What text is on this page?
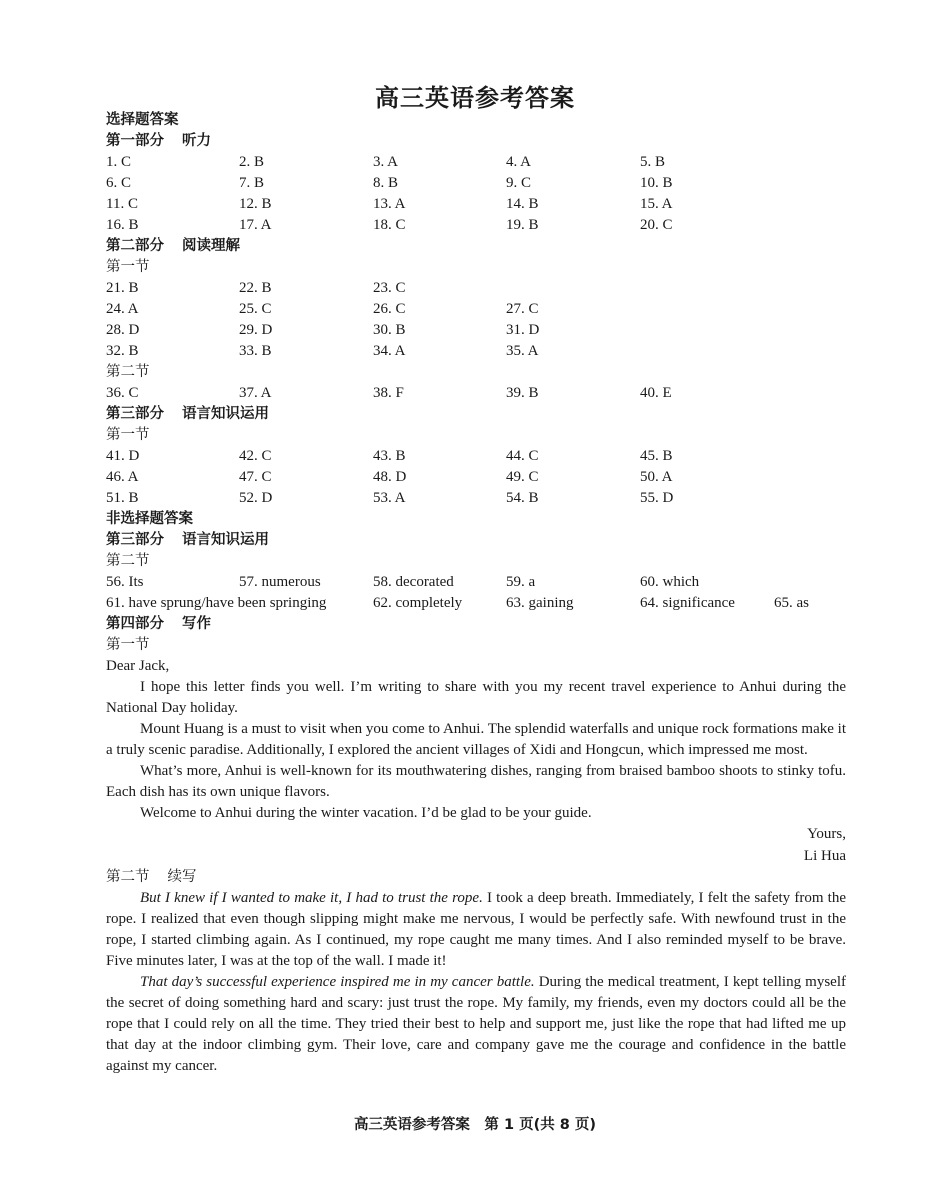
高三英语参考答案
选择题答案
第一部分 听力
1. C	2. B	3. A	4. A	5. B
6. C	7. B	8. B	9. C	10. B
11. C	12. B	13. A	14. B	15. A
16. B	17. A	18. C	19. B	20. C
第二部分 阅读理解
第一节
21. B	22. B	23. C
24. A	25. C	26. C	27. C
28. D	29. D	30. B	31. D
32. B	33. B	34. A	35. A
第二节
36. C	37. A	38. F	39. B	40. E
第三部分 语言知识运用
第一节
41. D	42. C	43. B	44. C	45. B
46. A	47. C	48. D	49. C	50. A
51. B	52. D	53. A	54. B	55. D
非选择题答案
第三部分 语言知识运用
第二节
56. Its	57. numerous	58. decorated	59. a	60. which
61. have sprung/have been springing	62. completely	63. gaining	64. significance	65. as
第四部分 写作
第一节
Dear Jack,

I hope this letter finds you well. I’m writing to share with you my recent travel experience to Anhui during the National Day holiday.

Mount Huang is a must to visit when you come to Anhui. The splendid waterfalls and unique rock formations make it a truly scenic paradise. Additionally, I explored the ancient villages of Xidi and Hongcun, which impressed me most.

What’s more, Anhui is well-known for its mouthwatering dishes, ranging from braised bamboo shoots to stinky tofu. Each dish has its own unique flavors.

Welcome to Anhui during the winter vacation. I’d be glad to be your guide.

Yours,
Li Hua
第二节 续写

But I knew if I wanted to make it, I had to trust the rope. I took a deep breath. Immediately, I felt the safety from the rope. I realized that even though slipping might make me nervous, I would be perfectly safe. With newfound trust in the rope, I started climbing again. As I continued, my rope caught me many times. And I also reminded myself to be brave. Five minutes later, I was at the top of the wall. I made it!

That day’s successful experience inspired me in my cancer battle. During the medical treatment, I kept telling myself the secret of doing something hard and scary: just trust the rope. My family, my friends, even my doctors could all be the rope that I could rely on all the time. They tried their best to help and support me, just like the rope that had lifted me up that day at the indoor climbing gym. Their love, care and company gave me the courage and confidence in the battle against my cancer.

高三英语参考答案　第 1 页(共 8 页)
